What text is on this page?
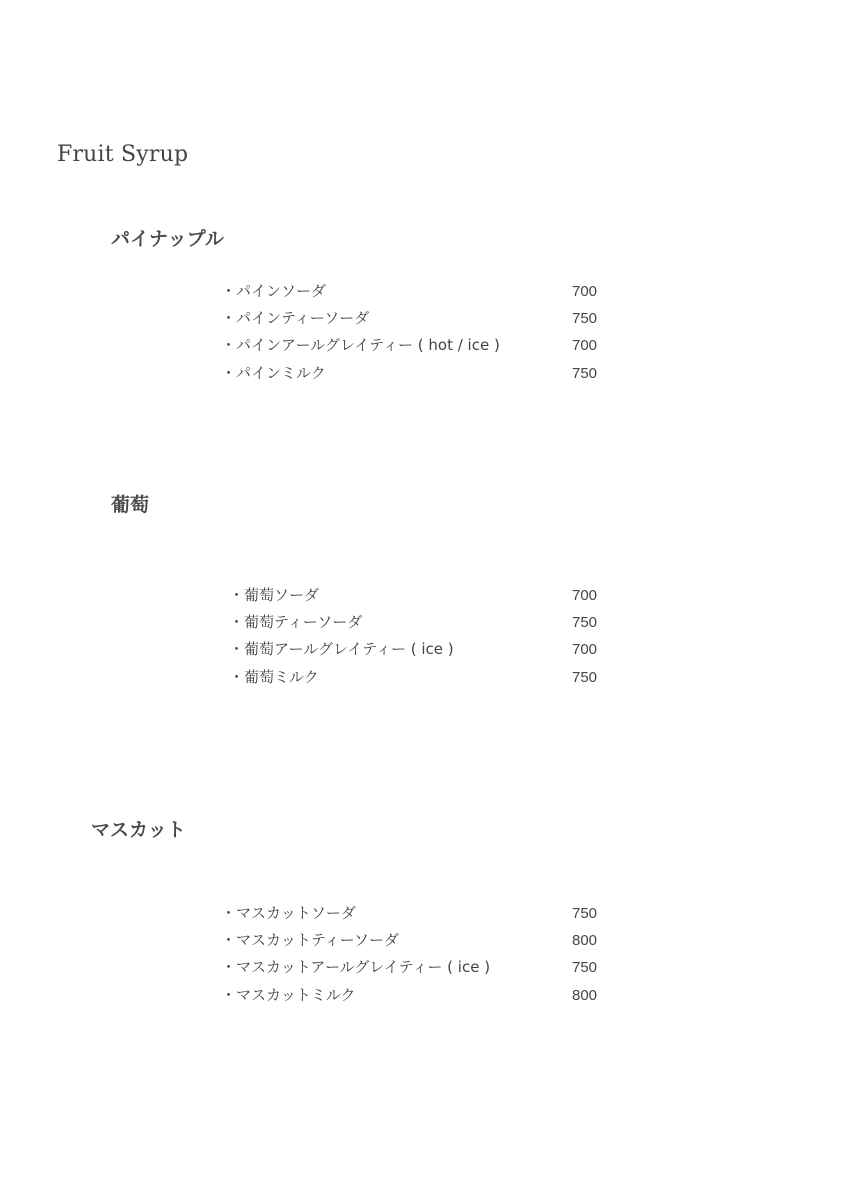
Fruit Syrup
パイナップル
・パインソーダ	700
・パインティーソーダ	750
・パインアールグレイティー ( hot / ice )	700
・パインミルク	750
葡萄
・葡萄ソーダ	700
・葡萄ティーソーダ	750
・葡萄アールグレイティー ( ice )	700
・葡萄ミルク	750
マスカット
・マスカットソーダ	750
・マスカットティーソーダ	800
・マスカットアールグレイティー ( ice )	750
・マスカットミルク	800
